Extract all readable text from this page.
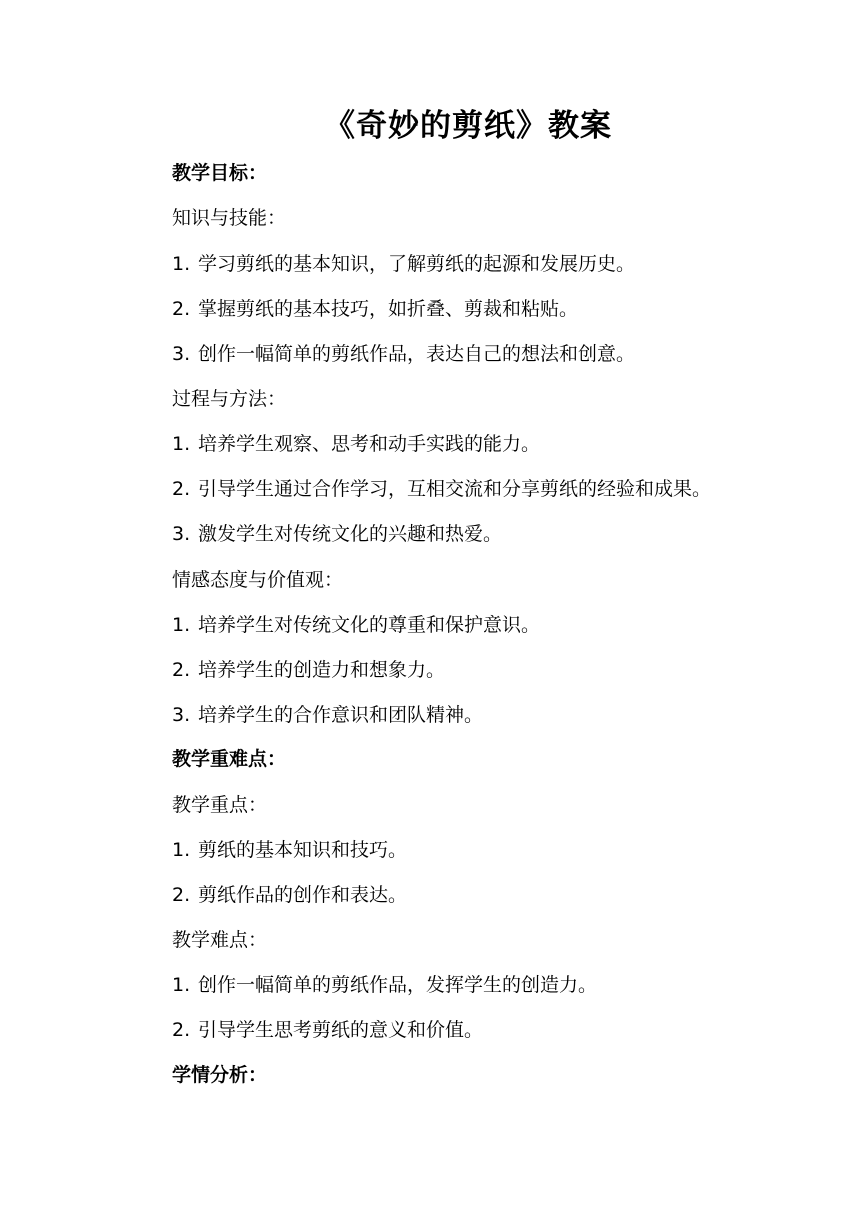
《奇妙的剪纸》教案
教学目标：
知识与技能：
1. 学习剪纸的基本知识，了解剪纸的起源和发展历史。
2. 掌握剪纸的基本技巧，如折叠、剪裁和粘贴。
3. 创作一幅简单的剪纸作品，表达自己的想法和创意。
过程与方法：
1. 培养学生观察、思考和动手实践的能力。
2. 引导学生通过合作学习，互相交流和分享剪纸的经验和成果。
3. 激发学生对传统文化的兴趣和热爱。
情感态度与价值观：
1. 培养学生对传统文化的尊重和保护意识。
2. 培养学生的创造力和想象力。
3. 培养学生的合作意识和团队精神。
教学重难点：
教学重点：
1. 剪纸的基本知识和技巧。
2. 剪纸作品的创作和表达。
教学难点：
1. 创作一幅简单的剪纸作品，发挥学生的创造力。
2. 引导学生思考剪纸的意义和价值。
学情分析：
